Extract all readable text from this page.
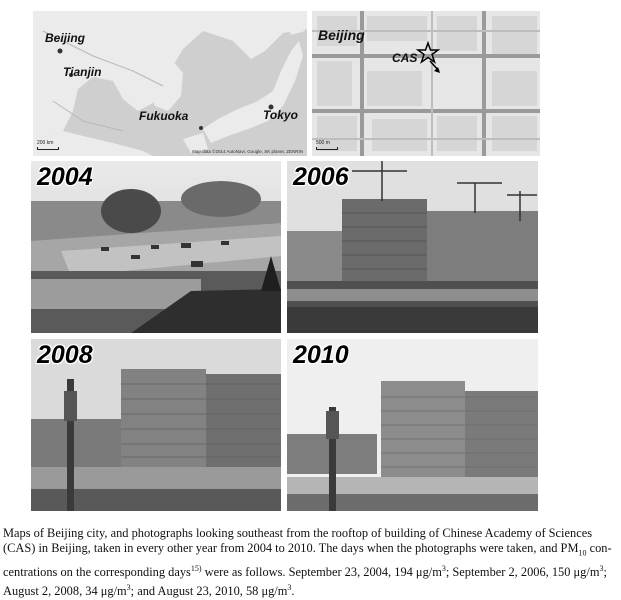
Beijing
Tianjin
Fukuoka	Tokyo
200 km
Map data ©2014 AutoNavi, Google, SK planet, ZENRIN
Beijing
CAS
500 m
2004	2006
2008	2010
Maps of Beijing city, and photographs looking southeast from the rooftop of building of Chinese Academy of Sciences
(CAS) in Beijing, taken in every other year from 2004 to 2010. The days when the photographs were taken, and $PM_{10}$ con-
centrations on the corresponding days$^{15)}$ were as follows. September 23, 2004, 194 $\mu g/m^3$; September 2, 2006, 150 $\mu g/m^3$;
August 2, 2008, 34 $\mu g/m^3$; and August 23, 2010, 58 $\mu g/m^3$.
